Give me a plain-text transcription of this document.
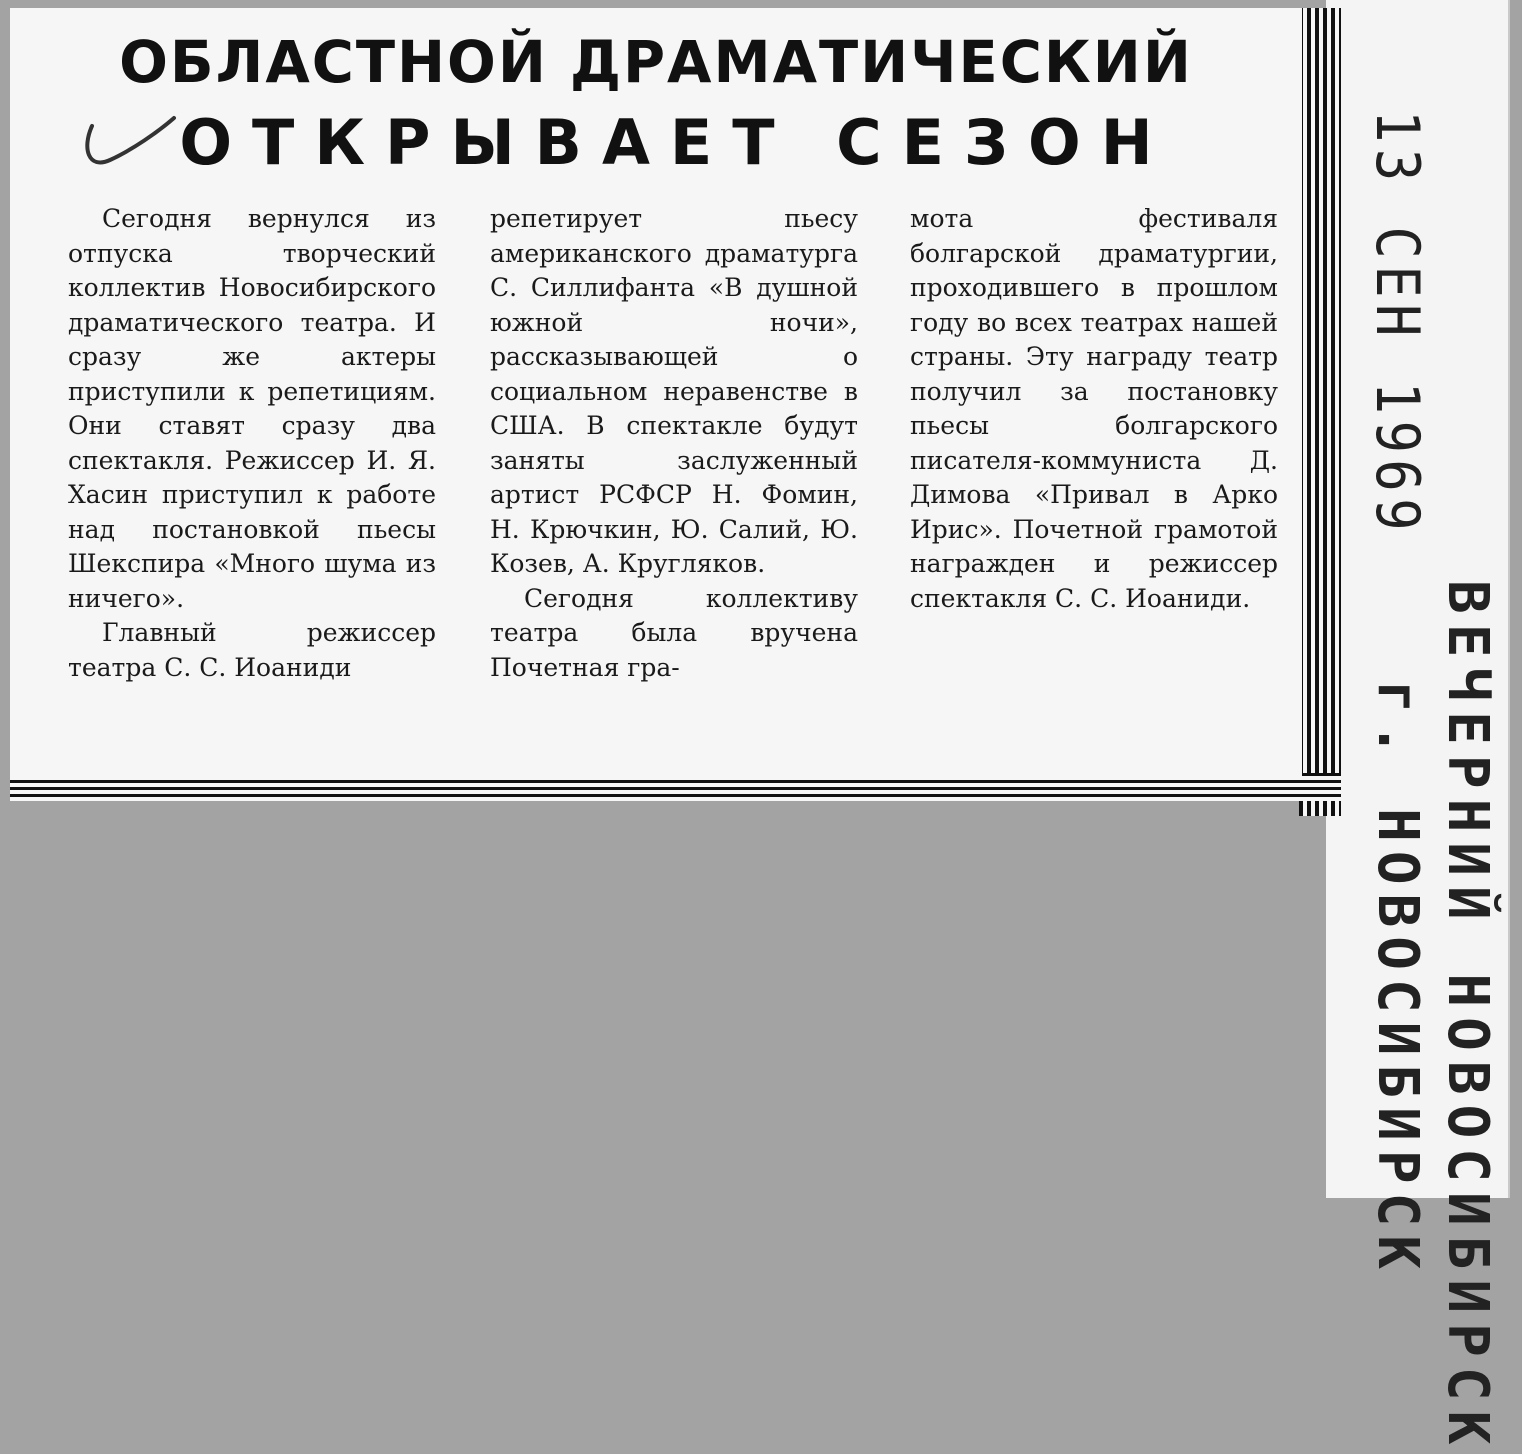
13 СЕН 1969
ВЕЧЕРНИЙ НОВОСИБИРСК
г. НОВОСИБИРСК
ОБЛАСТНОЙ ДРАМАТИЧЕСКИЙ
ОТКРЫВАЕТ СЕЗОН

Сегодня вернулся из отпуска творческий коллектив Новосибирского драматического театра. И сразу же актеры приступили к репетициям. Они ставят сразу два спектакля. Режиссер И. Я. Хасин приступил к работе над постановкой пьесы Шекспира «Много шума из ничего».

Главный режиссер театра С. С. Иоаниди

репетирует пьесу американского драматурга С. Силлифанта «В душной южной ночи», рассказывающей о социальном неравенстве в США. В спектакле будут заняты заслуженный артист РСФСР Н. Фомин, Н. Крючкин, Ю. Салий, Ю. Козев, А. Кругляков.

Сегодня коллективу театра была вручена Почетная гра-

мота фестиваля болгарской драматургии, проходившего в прошлом году во всех театрах нашей страны. Эту награду театр получил за постановку пьесы болгарского писателя-коммуниста Д. Димова «Привал в Арко Ирис». Почетной грамотой награжден и режиссер спектакля С. С. Иоаниди.
